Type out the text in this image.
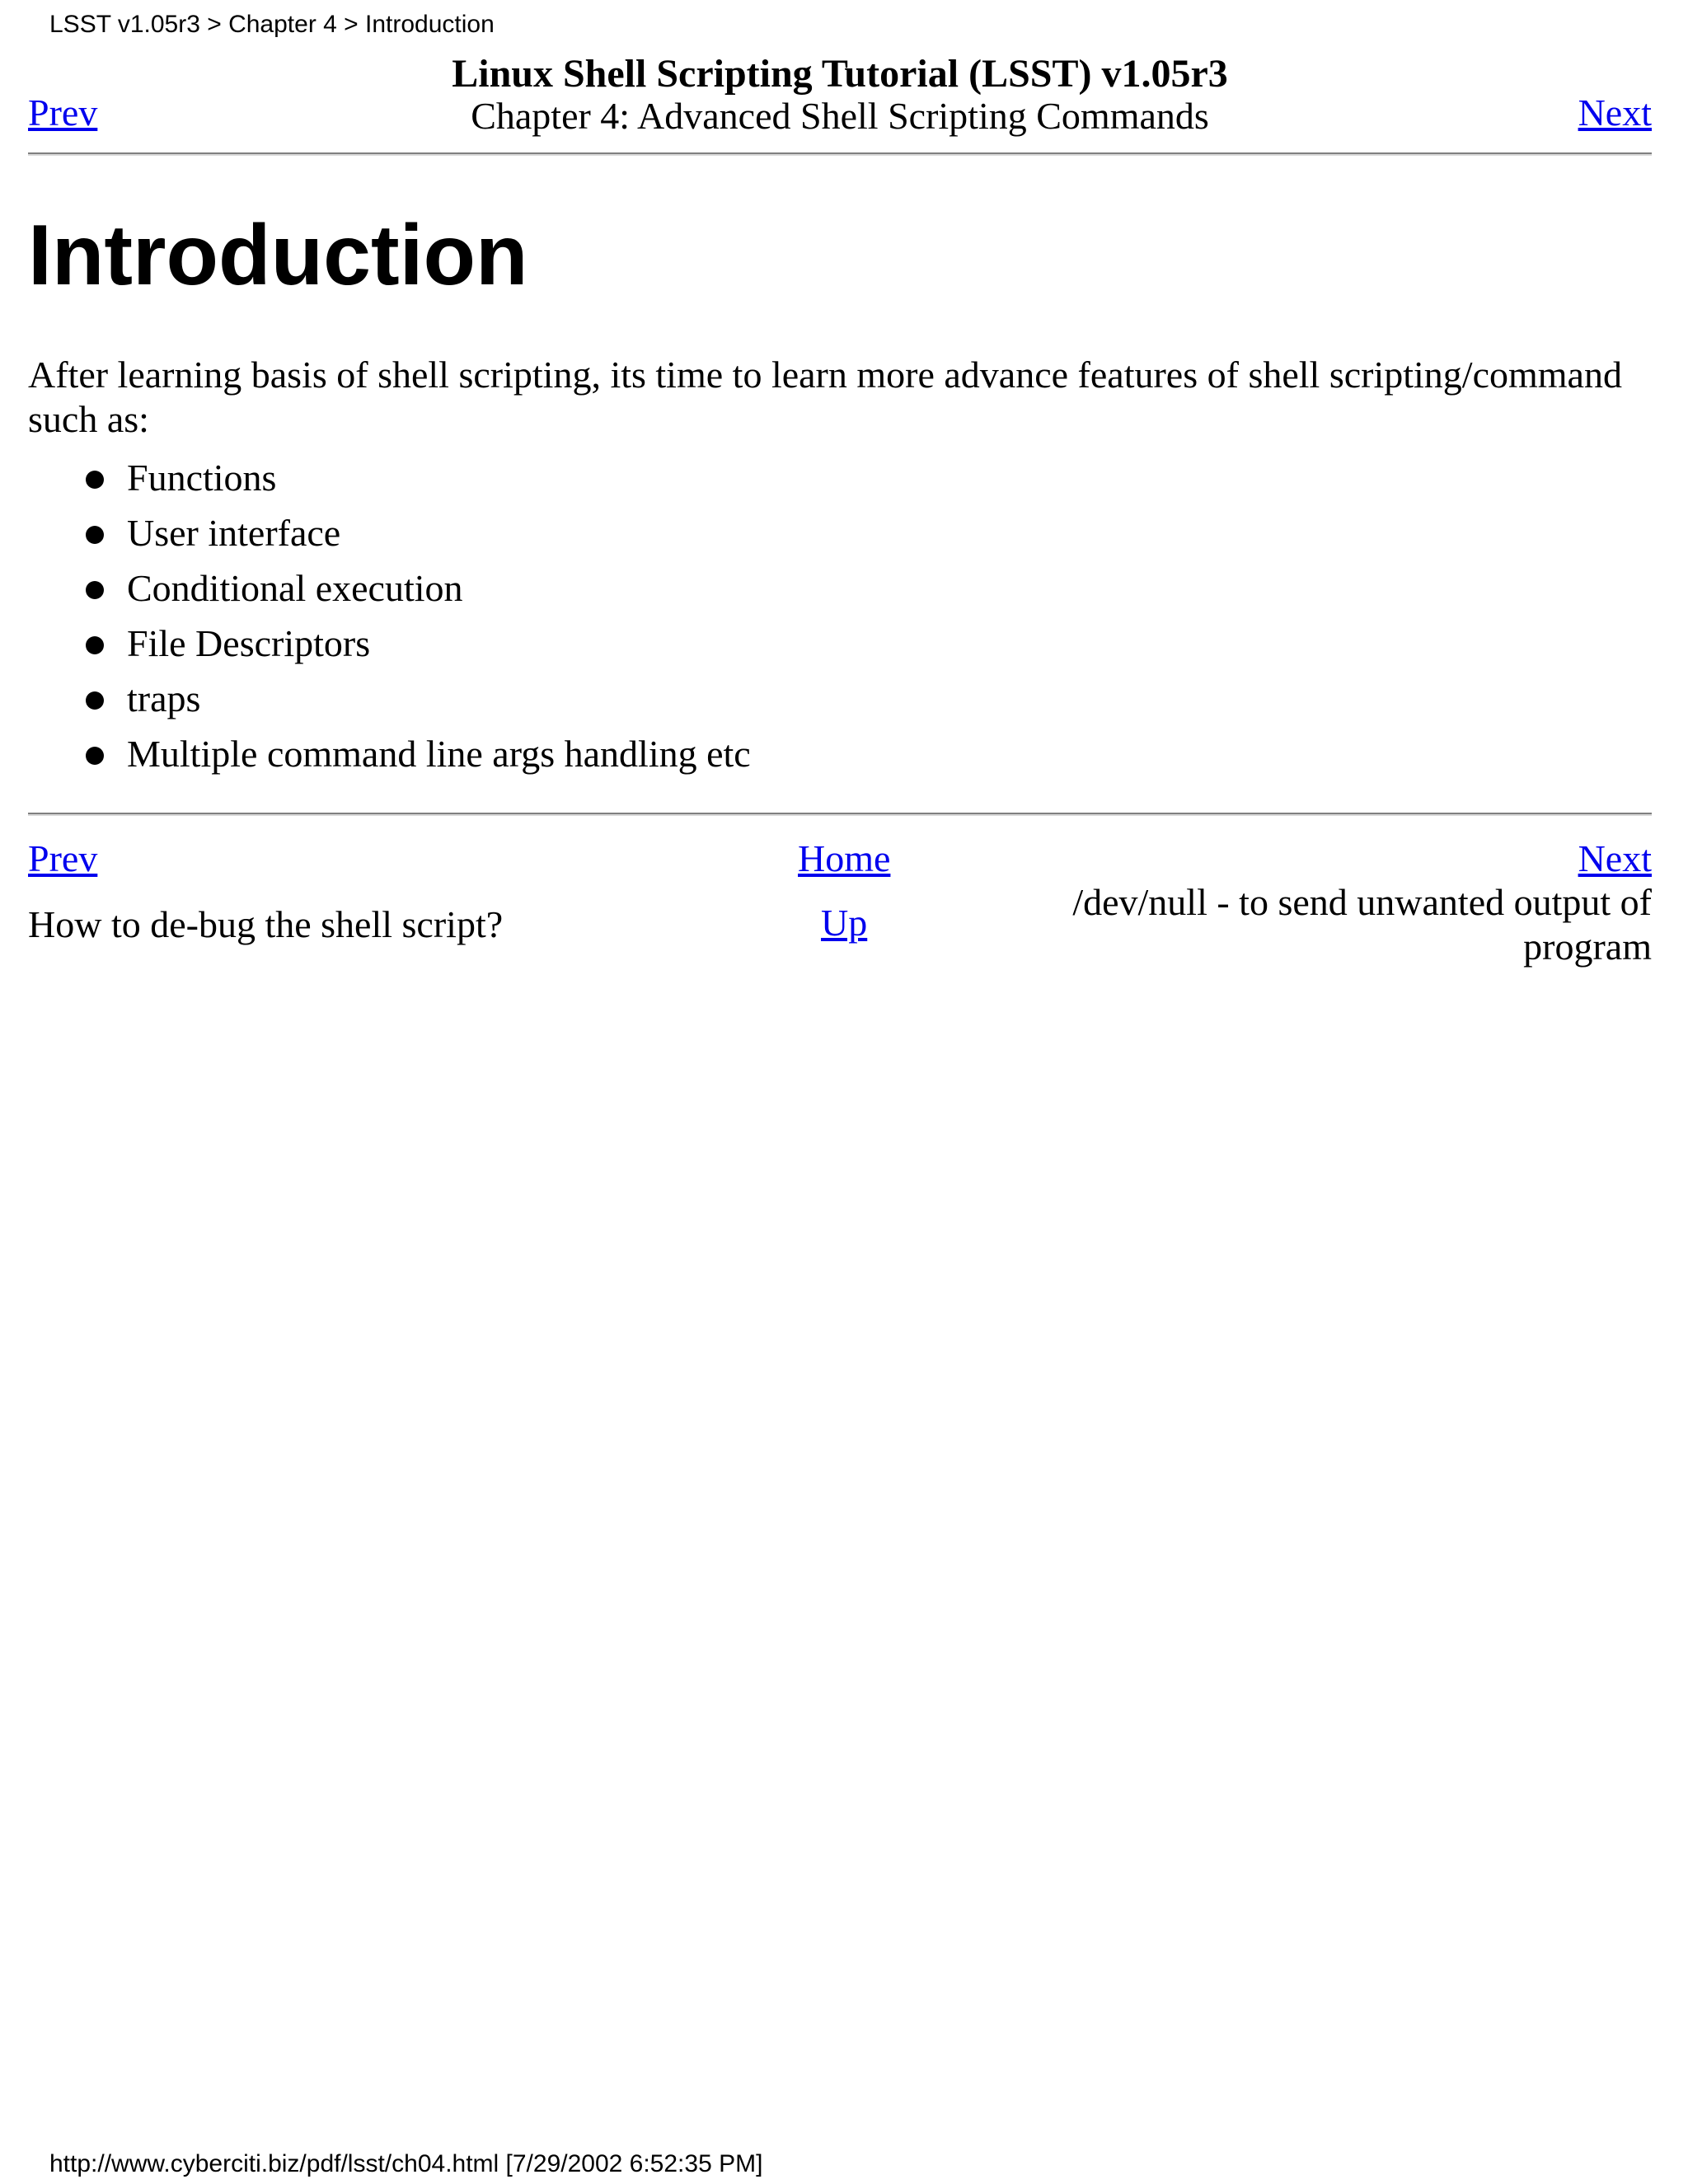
LSST v1.05r3 > Chapter 4 > Introduction
Prev
Linux Shell Scripting Tutorial (LSST) v1.05r3
Chapter 4: Advanced Shell Scripting Commands	Next
Introduction

After learning basis of shell scripting, its time to learn more advance features of shell scripting/command such as:

Functions
User interface
Conditional execution
File Descriptors
traps
Multiple command line args handling etc
Prev	Home	Next
How to de-bug the shell script?	Up	/dev/null - to send unwanted output of program
http://www.cyberciti.biz/pdf/lsst/ch04.html [7/29/2002 6:52:35 PM]
